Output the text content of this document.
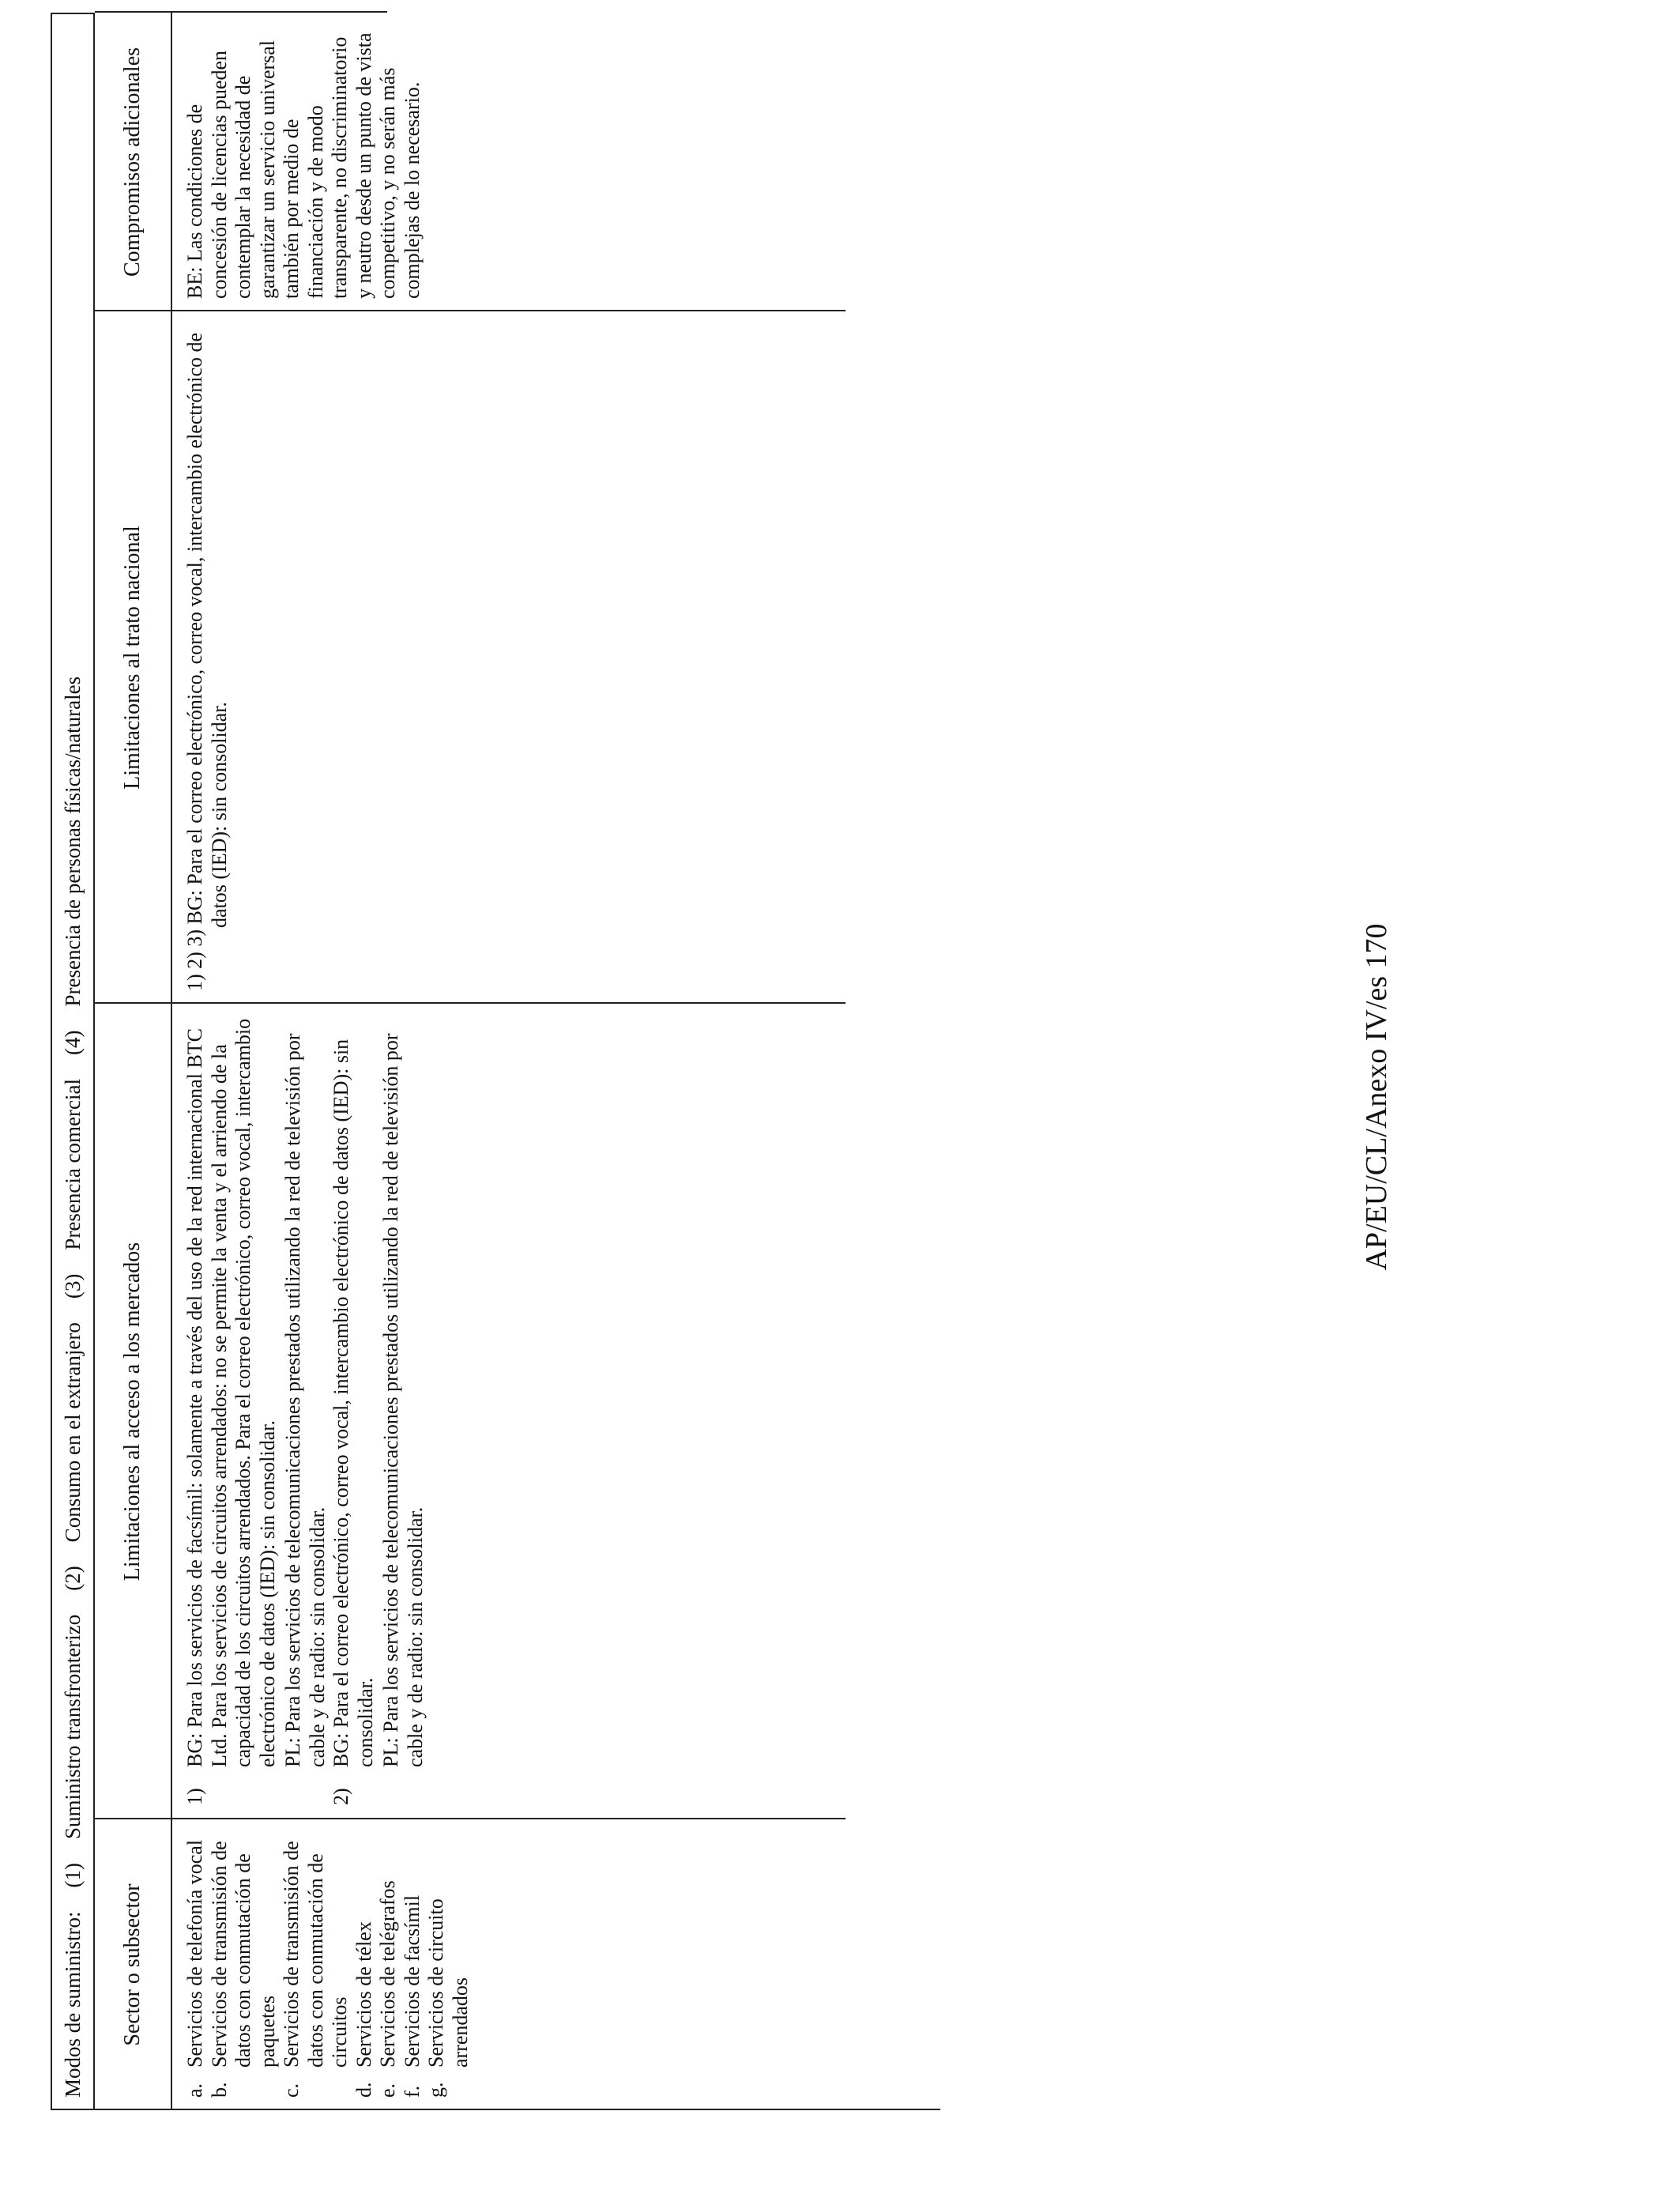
Modos de suministro:
(1)
Suministro transfronterizo
(2)
Consumo en el extranjero
(3)
Presencia comercial
(4)
Presencia de personas físicas/naturales
Sector o subsector
Limitaciones al acceso a los mercados
Limitaciones al trato nacional
Compromisos adicionales
a.
Servicios de telefonía vocal
b.
Servicios de transmisión de datos con conmutación de paquetes
c.
Servicios de transmisión de datos con conmutación de circuitos
d.
Servicios de télex
e.
Servicios de telégrafos
f.
Servicios de facsímil
g.
Servicios de circuito arrendados
1)

BG: Para los servicios de facsímil: solamente a través del uso de la red internacional BTC Ltd. Para los servicios de circuitos arrendados: no se permite la venta y el arriendo de la capacidad de los circuitos arrendados. Para el correo electrónico, correo vocal, intercambio electrónico de datos (IED): sin consolidar. PL: Para los servicios de telecomunicaciones prestados utilizando la red de televisión por cable y de radio: sin consolidar.

2)

BG: Para el correo electrónico, correo vocal, intercambio electrónico de datos (IED): sin consolidar. PL: Para los servicios de telecomunicaciones prestados utilizando la red de televisión por cable y de radio: sin consolidar.

1) 2) 3) BG: Para el correo electrónico, correo vocal, intercambio electrónico de datos (IED): sin consolidar.

BE: Las condiciones de concesión de licencias pueden contemplar la necesidad de garantizar un servicio universal también por medio de financiación y de modo transparente, no discriminatorio y neutro desde un punto de vista competitivo, y no serán más complejas de lo necesario.

AP/EU/CL/Anexo IV/es 170
